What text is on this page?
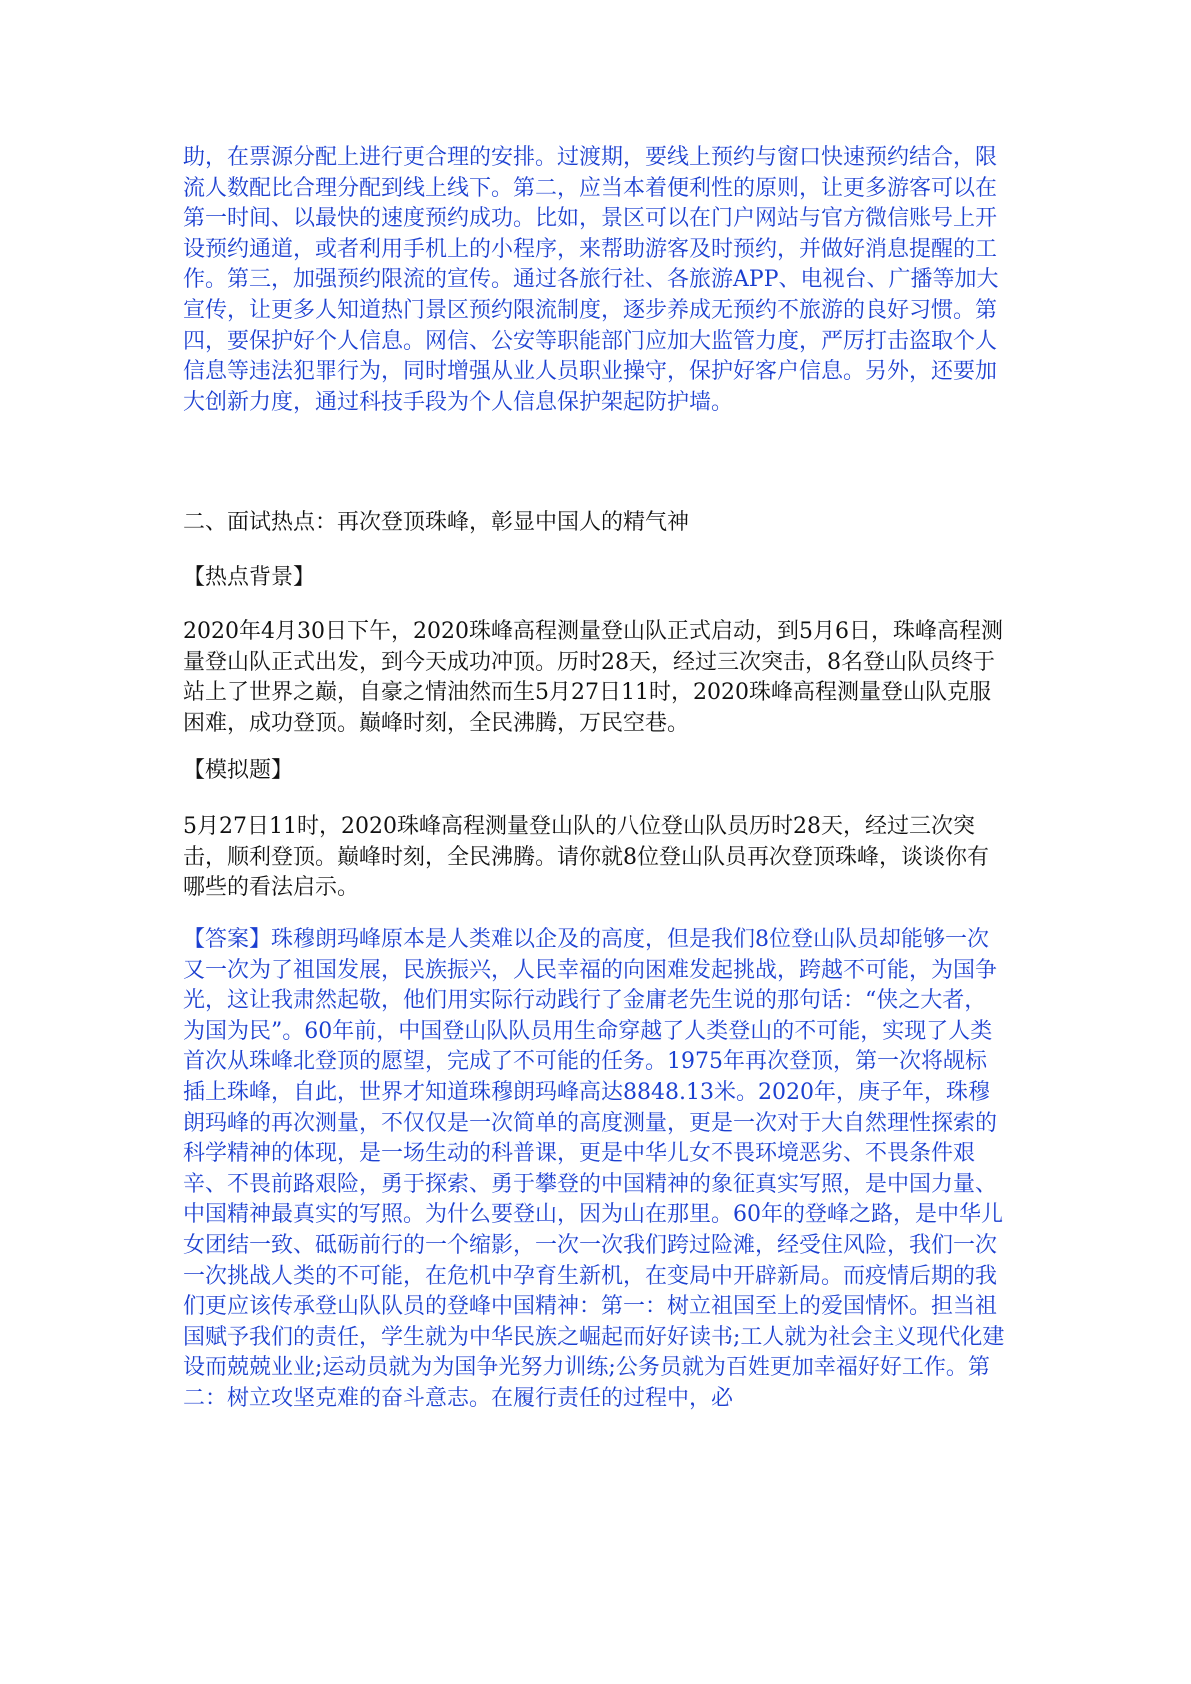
助，在票源分配上进行更合理的安排。过渡期，要线上预约与窗口快速预约结合，限流人数配比合理分配到线上线下。第二，应当本着便利性的原则，让更多游客可以在第一时间、以最快的速度预约成功。比如，景区可以在门户网站与官方微信账号上开设预约通道，或者利用手机上的小程序，来帮助游客及时预约，并做好消息提醒的工作。第三，加强预约限流的宣传。通过各旅行社、各旅游APP、电视台、广播等加大宣传，让更多人知道热门景区预约限流制度，逐步养成无预约不旅游的良好习惯。第四，要保护好个人信息。网信、公安等职能部门应加大监管力度，严厉打击盗取个人信息等违法犯罪行为，同时增强从业人员职业操守，保护好客户信息。另外，还要加大创新力度，通过科技手段为个人信息保护架起防护墙。

二、面试热点：再次登顶珠峰，彰显中国人的精气神

【热点背景】

2020年4月30日下午，2020珠峰高程测量登山队正式启动，到5月6日，珠峰高程测量登山队正式出发，到今天成功冲顶。历时28天，经过三次突击，8名登山队员终于站上了世界之巅，自豪之情油然而生5月27日11时，2020珠峰高程测量登山队克服困难，成功登顶。巅峰时刻，全民沸腾，万民空巷。

【模拟题】

5月27日11时，2020珠峰高程测量登山队的八位登山队员历时28天，经过三次突击，顺利登顶。巅峰时刻，全民沸腾。请你就8位登山队员再次登顶珠峰，谈谈你有哪些的看法启示。

【答案】珠穆朗玛峰原本是人类难以企及的高度，但是我们8位登山队员却能够一次又一次为了祖国发展，民族振兴，人民幸福的向困难发起挑战，跨越不可能，为国争光，这让我肃然起敬，他们用实际行动践行了金庸老先生说的那句话：“侠之大者，为国为民”。60年前，中国登山队队员用生命穿越了人类登山的不可能，实现了人类首次从珠峰北登顶的愿望，完成了不可能的任务。1975年再次登顶，第一次将觇标插上珠峰，自此，世界才知道珠穆朗玛峰高达8848.13米。2020年，庚子年，珠穆朗玛峰的再次测量，不仅仅是一次简单的高度测量，更是一次对于大自然理性探索的科学精神的体现，是一场生动的科普课，更是中华儿女不畏环境恶劣、不畏条件艰辛、不畏前路艰险，勇于探索、勇于攀登的中国精神的象征真实写照，是中国力量、中国精神最真实的写照。为什么要登山，因为山在那里。60年的登峰之路，是中华儿女团结一致、砥砺前行的一个缩影，一次一次我们跨过险滩，经受住风险，我们一次一次挑战人类的不可能，在危机中孕育生新机，在变局中开辟新局。而疫情后期的我们更应该传承登山队队员的登峰中国精神：第一：树立祖国至上的爱国情怀。担当祖国赋予我们的责任，学生就为中华民族之崛起而好好读书;工人就为社会主义现代化建设而兢兢业业;运动员就为为国争光努力训练;公务员就为百姓更加幸福好好工作。第二：树立攻坚克难的奋斗意志。在履行责任的过程中，必
